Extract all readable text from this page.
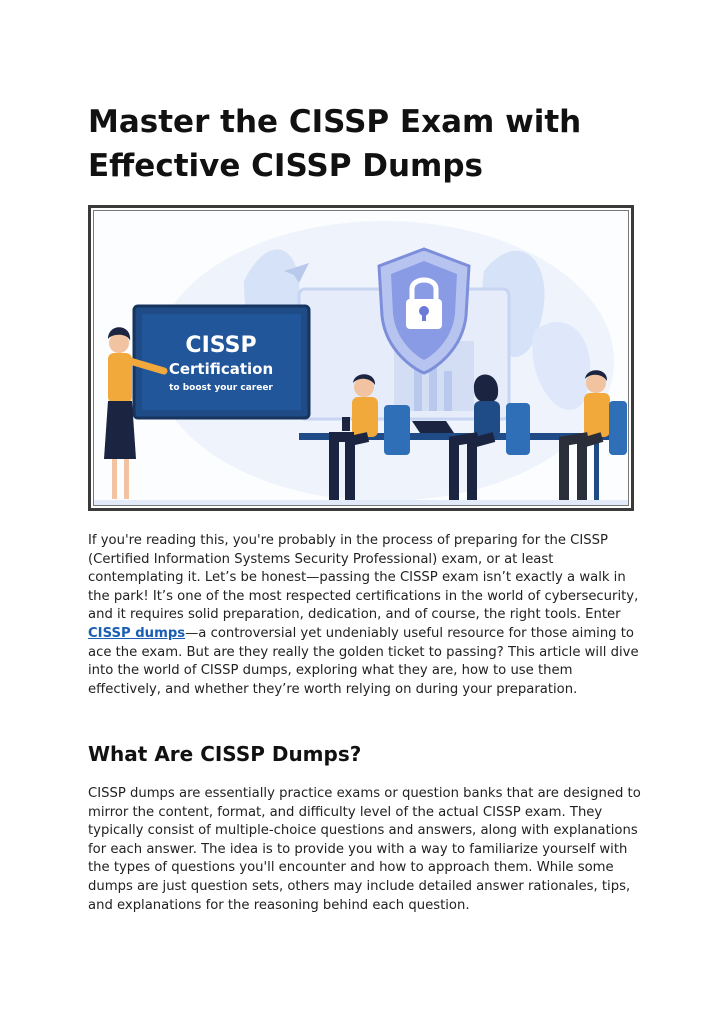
Master the CISSP Exam with Effective CISSP Dumps
CISSP
Certification
to boost your career

If you're reading this, you're probably in the process of preparing for the CISSP (Certified Information Systems Security Professional) exam, or at least contemplating it. Let’s be honest—passing the CISSP exam isn’t exactly a walk in the park! It’s one of the most respected certifications in the world of cybersecurity, and it requires solid preparation, dedication, and of course, the right tools. Enter CISSP dumps—a controversial yet undeniably useful resource for those aiming to ace the exam. But are they really the golden ticket to passing? This article will dive into the world of CISSP dumps, exploring what they are, how to use them effectively, and whether they’re worth relying on during your preparation.

What Are CISSP Dumps?

CISSP dumps are essentially practice exams or question banks that are designed to mirror the content, format, and difficulty level of the actual CISSP exam. They typically consist of multiple-choice questions and answers, along with explanations for each answer. The idea is to provide you with a way to familiarize yourself with the types of questions you'll encounter and how to approach them. While some dumps are just question sets, others may include detailed answer rationales, tips, and explanations for the reasoning behind each question.
